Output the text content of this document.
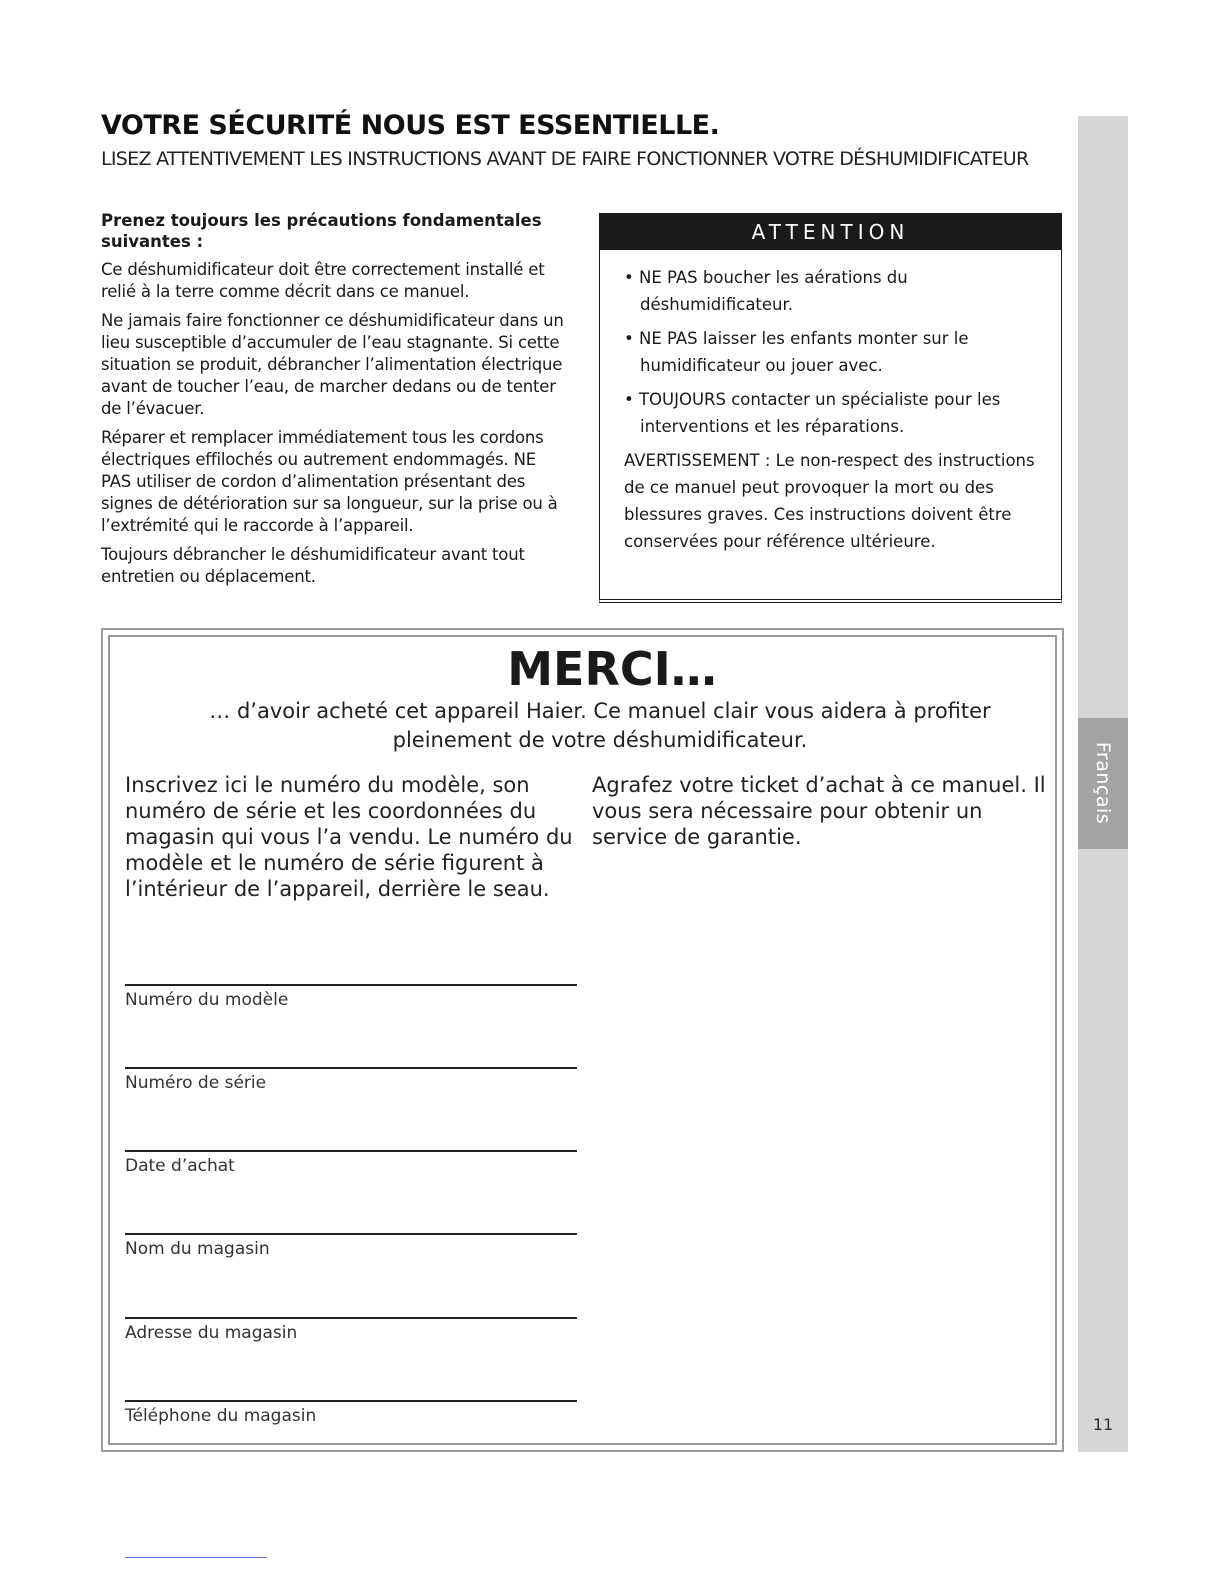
Français
11
VOTRE SÉCURITÉ NOUS EST ESSENTIELLE.

LISEZ ATTENTIVEMENT LES INSTRUCTIONS AVANT DE FAIRE FONCTIONNER VOTRE DÉSHUMIDIFICATEUR

Prenez toujours les précautions fondamentales suivantes :

Ce déshumidificateur doit être correctement installé et relié à la terre comme décrit dans ce manuel.

Ne jamais faire fonctionner ce déshumidificateur dans un lieu susceptible d’accumuler de l’eau stagnante. Si cette situation se produit, débrancher l’alimentation électrique avant de toucher l’eau, de marcher dedans ou de tenter de l’évacuer.

Réparer et remplacer immédiatement tous les cordons électriques effilochés ou autrement endommagés. NE PAS utiliser de cordon d’alimentation présentant des signes de détérioration sur sa longueur, sur la prise ou à l’extrémité qui le raccorde à l’appareil.

Toujours débrancher le déshumidificateur avant tout entretien ou déplacement.

ATTENTION
• NE PAS boucher les aérations du déshumidificateur.
• NE PAS laisser les enfants monter sur le humidificateur ou jouer avec.
• TOUJOURS contacter un spécialiste pour les interventions et les réparations.

AVERTISSEMENT : Le non-respect des instructions de ce manuel peut provoquer la mort ou des blessures graves. Ces instructions doivent être conservées pour référence ultérieure.

MERCI…

… d’avoir acheté cet appareil Haier. Ce manuel clair vous aidera à profiter pleinement de votre déshumidificateur.

Inscrivez ici le numéro du modèle, son numéro de série et les coordonnées du magasin qui vous l’a vendu. Le numéro du modèle et le numéro de série figurent à l’intérieur de l’appareil, derrière le seau.

Agrafez votre ticket d’achat à ce manuel. Il vous sera nécessaire pour obtenir un service de garantie.

Numéro du modèle
Numéro de série
Date d’achat
Nom du magasin
Adresse du magasin
Téléphone du magasin
